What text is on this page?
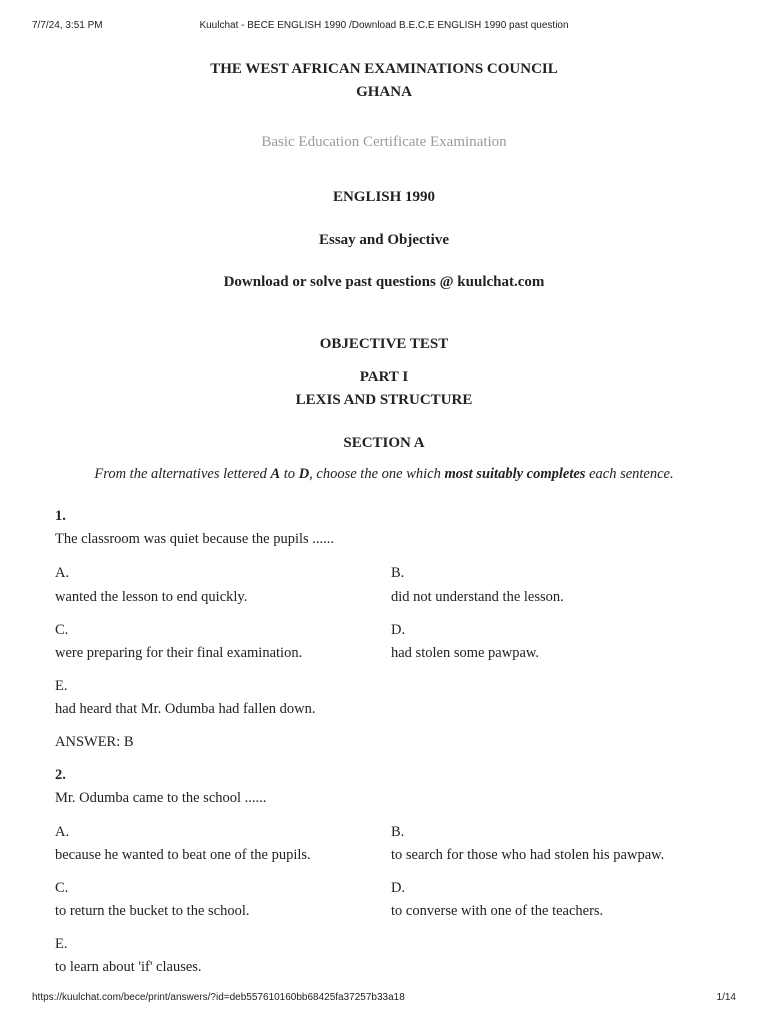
7/7/24, 3:51 PM	Kuulchat - BECE ENGLISH 1990 /Download B.E.C.E ENGLISH 1990 past question
THE WEST AFRICAN EXAMINATIONS COUNCIL
GHANA
Basic Education Certificate Examination
ENGLISH 1990
Essay and Objective
Download or solve past questions @ kuulchat.com
OBJECTIVE TEST
PART I
LEXIS AND STRUCTURE
SECTION A
From the alternatives lettered A to D, choose the one which most suitably completes each sentence.
1.
The classroom was quiet because the pupils ......
A.
wanted the lesson to end quickly.
B.
did not understand the lesson.
C.
were preparing for their final examination.
D.
had stolen some pawpaw.
E.
had heard that Mr. Odumba had fallen down.
ANSWER: B
2.
Mr. Odumba came to the school ......
A.
because he wanted to beat one of the pupils.
B.
to search for those who had stolen his pawpaw.
C.
to return the bucket to the school.
D.
to converse with one of the teachers.
E.
to learn about 'if' clauses.
https://kuulchat.com/bece/print/answers/?id=deb557610160bb68425fa37257b33a18	1/14
